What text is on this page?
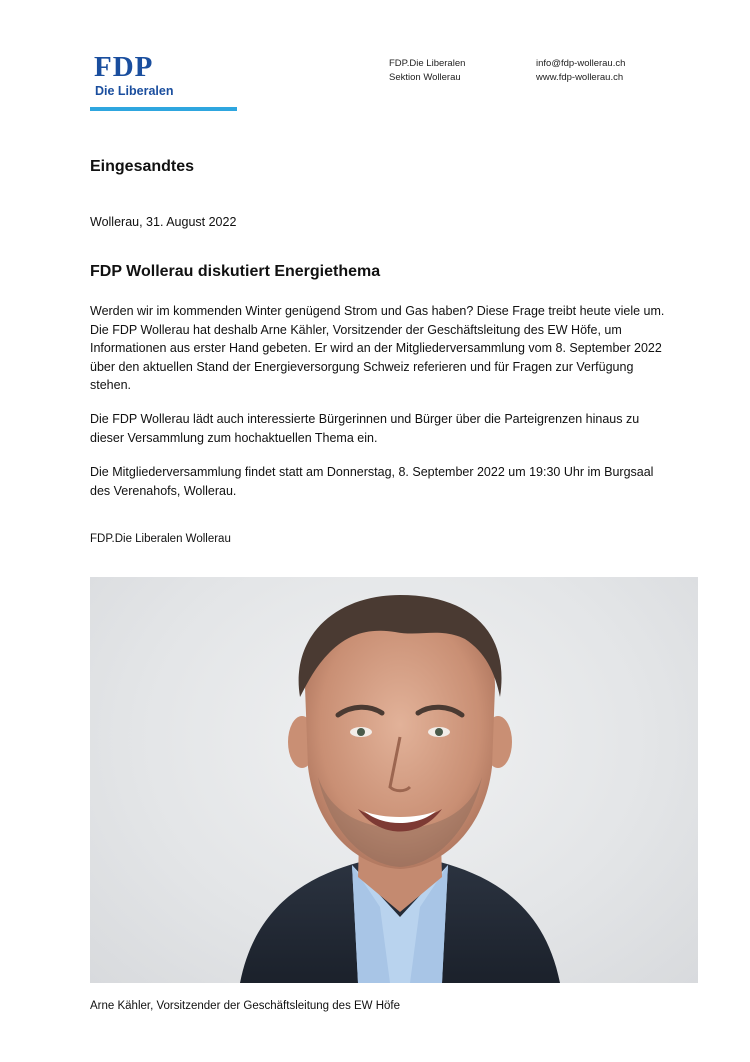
FDP
Die Liberalen
FDP.Die Liberalen
Sektion Wollerau
info@fdp-wollerau.ch
www.fdp-wollerau.ch
Eingesandtes
Wollerau, 31. August 2022
FDP Wollerau diskutiert Energiethema

Werden wir im kommenden Winter genügend Strom und Gas haben? Diese Frage treibt heute viele um. Die FDP Wollerau hat deshalb Arne Kähler, Vorsitzender der Geschäftsleitung des EW Höfe, um Informationen aus erster Hand gebeten. Er wird an der Mitgliederversammlung vom 8. September 2022 über den aktuellen Stand der Energieversorgung Schweiz referieren und für Fragen zur Verfügung stehen.

Die FDP Wollerau lädt auch interessierte Bürgerinnen und Bürger über die Parteigrenzen hinaus zu dieser Versammlung zum hochaktuellen Thema ein.

Die Mitgliederversammlung findet statt am Donnerstag, 8. September 2022 um 19:30 Uhr im Burgsaal des Verenahofs, Wollerau.

FDP.Die Liberalen Wollerau
Arne Kähler, Vorsitzender der Geschäftsleitung des EW Höfe
